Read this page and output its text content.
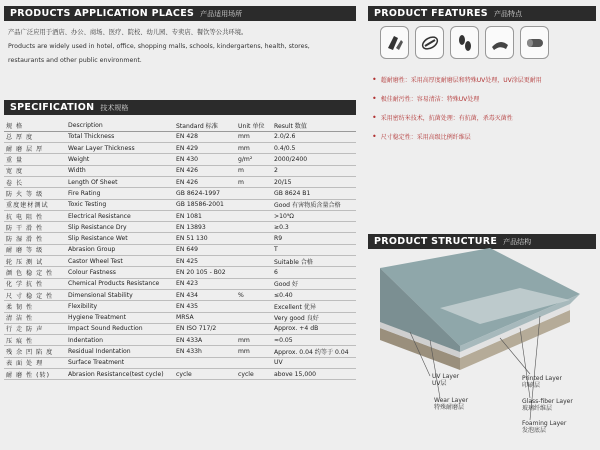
PRODUCTS APPLICATION PLACES 产品适用场所
产品广泛应用于酒店、办公、商场、医疗、院校、幼儿园、专卖店、餐饮等公共环境。
Products are widely used in hotel, office, shopping malls, schools, kindergartens, health, stores,
restaurants and other public environment.
SPECIFICATION 技术规格
规 格	Description	Standard 标准	Unit 单位	Result 数值
总 厚 度	Total Thickness	EN 428	mm	2.0/2.6
耐 磨 层 厚	Wear Layer Thickness	EN 429	mm	0.4/0.5
重 量	Weight	EN 430	g/m²	2000/2400
宽 度	Width	EN 426	m	2
卷 长	Length Of Sheet	EN 426	m	20/15
防 火 等 级	Fire Rating	GB 8624-1997		GB 8624 B1
重度建材测试	Toxic Testing	GB 18586-2001		Good 有害物质含量合格
抗 电 阻 性	Electrical Resistance	EN 1081		>10⁹Ω
防 干 滑 性	Slip Resistance Dry	EN 13893		≥0.3
防 湿 滑 性	Slip Resistance Wet	EN 51 130		R9
耐 磨 等 级	Abrasion Group	EN 649		T
轮 压 测 试	Castor Wheel Test	EN 425		Suitable 合格
颜 色 稳 定 性	Colour Fastness	EN 20 105 - B02		6
化 学 抗 性	Chemical Products Resistance	EN 423		Good 好
尺 寸 稳 定 性	Dimensional Stability	EN 434	%	≤0.40
柔 韧 性	Flexibility	EN 435		Excellent 优异
清 洁 性	Hygiene Treatment	MRSA		Very good 良好
行 走 防 声	Impact Sound Reduction	EN ISO 717/2		Approx. +4 dB
压 痕 性	Indentation	EN 433A	mm	≈0.05
残 余 凹 陷 度	Residual Indentation	EN 433h	mm	Approx. 0.04 约等于 0.04
表 面 处 理	Surface Treatment			UV
耐 磨 性 (转)	Abrasion Resistance(test cycle)	cycle	cycle	above 15,000
PRODUCT FEATURES 产品特点
• 超耐磨性：采用高厚度耐磨层和特殊UV处理，UV涂层更耐用
• 极佳耐污性：容易清洁：特殊UV处理
• 采用密纺米技术，抗菌处理：有抗菌，杀毒灭菌性
• 尺寸稳定性：采用高级比例纤维层
PRODUCT STRUCTURE 产品结构
UV Layer
UV层
Wear Layer
特殊耐磨层
Printed Layer
印刷层
Glass-fiber Layer
玻璃纤维层
Foaming Layer
发泡底层
